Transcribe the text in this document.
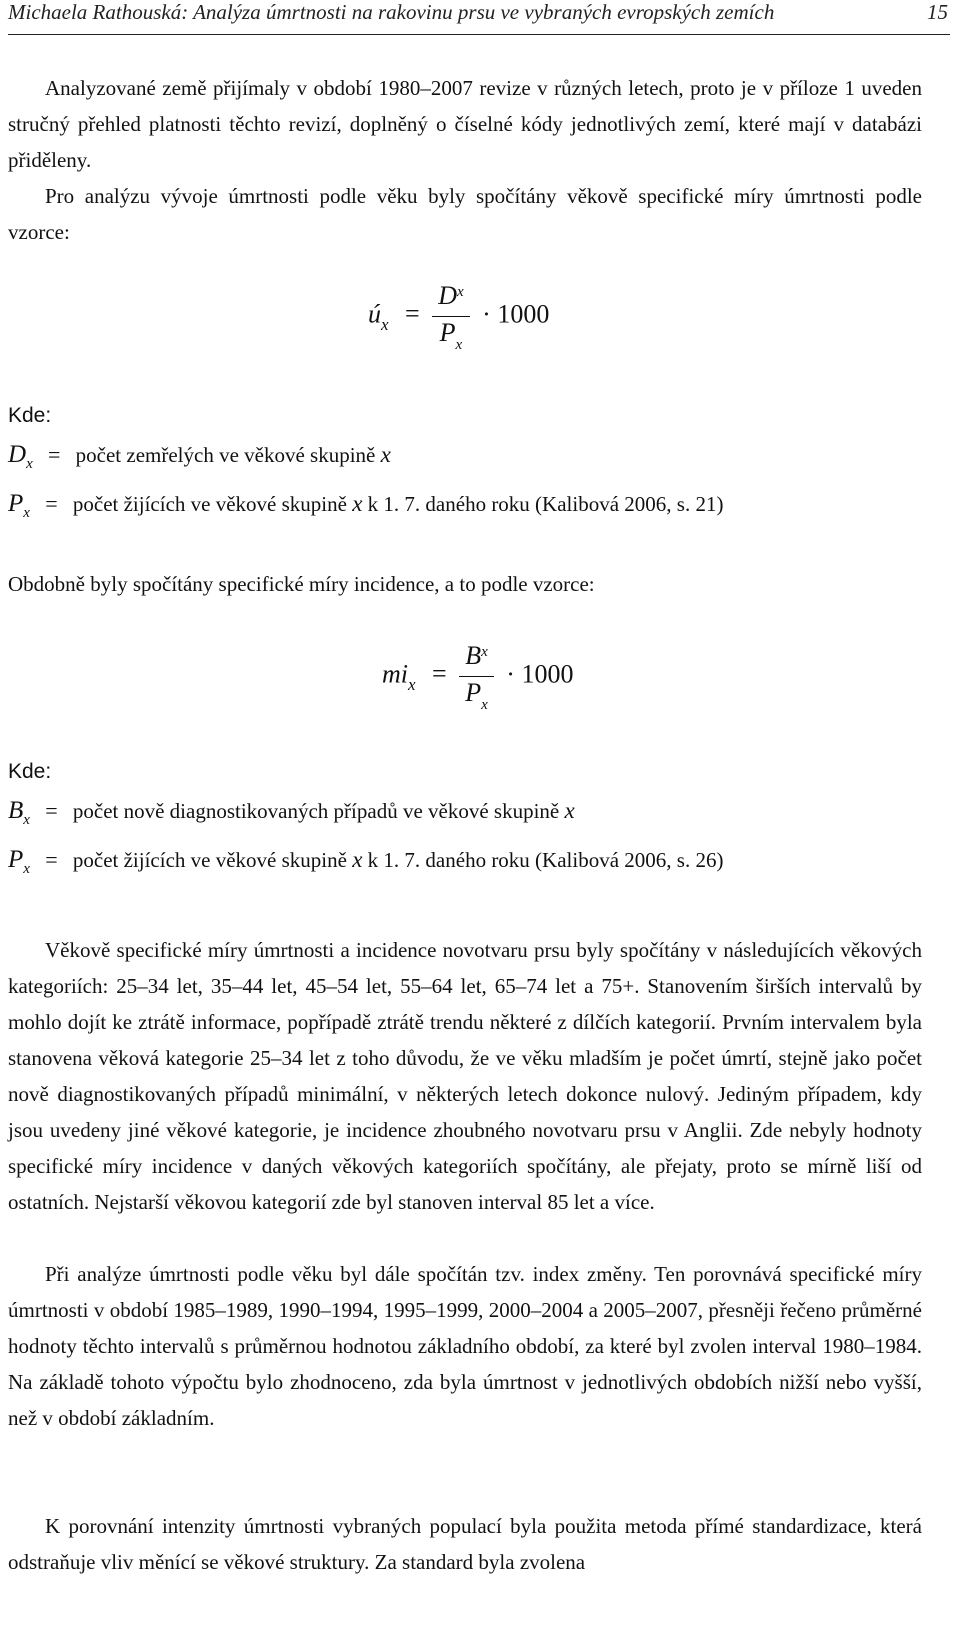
Michaela Rathouská: Analýza úmrtnosti na rakovinu prsu ve vybraných evropských zemích	15

Analyzované země přijímaly v období 1980–2007 revize v různých letech, proto je v příloze 1 uveden stručný přehled platnosti těchto revizí, doplněný o číselné kódy jednotlivých zemí, které mají v databázi přiděleny.

Pro analýzu vývoje úmrtnosti podle věku byly spočítány věkově specifické míry úmrtnosti podle vzorce:

$ú_x = \frac{D^x}{P_x} \cdot 1000$
Kde:
$D_x$ = počet zemřelých ve věkové skupině x
$P_x$ = počet žijících ve věkové skupině x k 1. 7. daného roku (Kalibová 2006, s. 21)

Obdobně byly spočítány specifické míry incidence, a to podle vzorce:

$mi_x = \frac{B^x}{P_x} \cdot 1000$
Kde:
$B_x$ = počet nově diagnostikovaných případů ve věkové skupině x
$P_x$ = počet žijících ve věkové skupině x k 1. 7. daného roku (Kalibová 2006, s. 26)

Věkově specifické míry úmrtnosti a incidence novotvaru prsu byly spočítány v následujících věkových kategoriích: 25–34 let, 35–44 let, 45–54 let, 55–64 let, 65–74 let a 75+. Stanovením širších intervalů by mohlo dojít ke ztrátě informace, popřípadě ztrátě trendu některé z dílčích kategorií. Prvním intervalem byla stanovena věková kategorie 25–34 let z toho důvodu, že ve věku mladším je počet úmrtí, stejně jako počet nově diagnostikovaných případů minimální, v některých letech dokonce nulový. Jediným případem, kdy jsou uvedeny jiné věkové kategorie, je incidence zhoubného novotvaru prsu v Anglii. Zde nebyly hodnoty specifické míry incidence v daných věkových kategoriích spočítány, ale přejaty, proto se mírně liší od ostatních. Nejstarší věkovou kategorií zde byl stanoven interval 85 let a více.

Při analýze úmrtnosti podle věku byl dále spočítán tzv. index změny. Ten porovnává specifické míry úmrtnosti v období 1985–1989, 1990–1994, 1995–1999, 2000–2004 a 2005–2007, přesněji řečeno průměrné hodnoty těchto intervalů s průměrnou hodnotou základního období, za které byl zvolen interval 1980–1984. Na základě tohoto výpočtu bylo zhodnoceno, zda byla úmrtnost v jednotlivých obdobích nižší nebo vyšší, než v období základním.

K porovnání intenzity úmrtnosti vybraných populací byla použita metoda přímé standardizace, která odstraňuje vliv měnící se věkové struktury. Za standard byla zvolena
